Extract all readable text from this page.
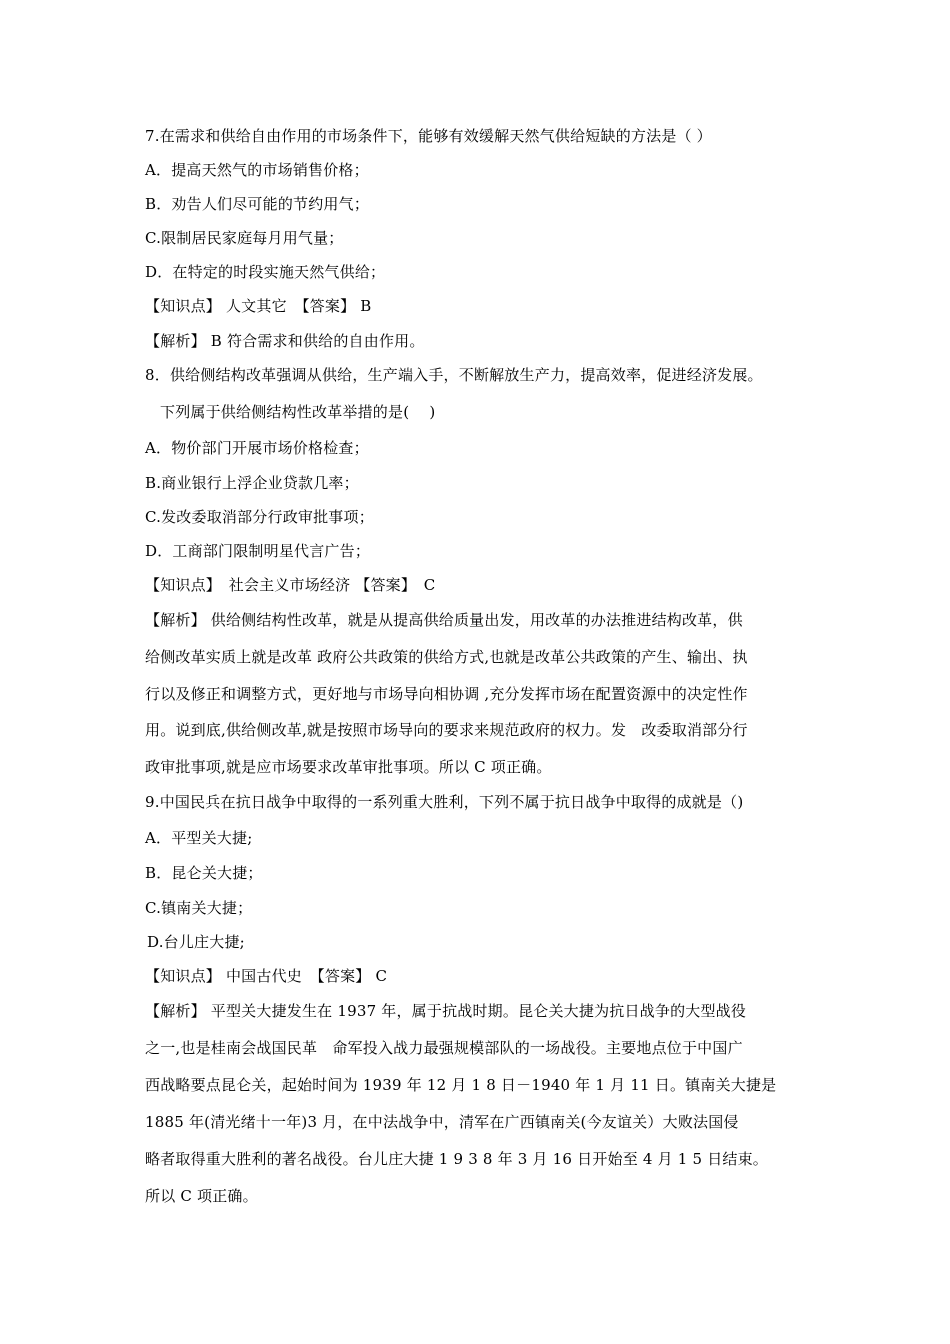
7.在需求和供给自由作用的市场条件下，能够有效缓解天然气供给短缺的方法是（ ）
A．提高天然气的市场销售价格；
B．劝告人们尽可能的节约用气；
C.限制居民家庭每月用气量；
D．在特定的时段实施天然气供给；
【知识点】 人文其它　【答案】 B
【解析】 B 符合需求和供给的自由作用。
8．供给侧结构改革强调从供给，生产端入手，不断解放生产力，提高效率，促进经济发展。
下列属于供给侧结构性改革举措的是(　 )
A．物价部门开展市场价格检查；
B.商业银行上浮企业贷款几率；
C.发改委取消部分行政审批事项；
D．工商部门限制明星代言广告；
【知识点】　社会主义市场经济 【答案】　C
【解析】 供给侧结构性改革，就是从提高供给质量出发，用改革的办法推进结构改革，供
给侧改革实质上就是改革 政府公共政策的供给方式,也就是改革公共政策的产生、输出、执
行以及修正和调整方式，更好地与市场导向相协调 ,充分发挥市场在配置资源中的决定性作
用。说到底,供给侧改革,就是按照市场导向的要求来规范政府的权力。发　改委取消部分行
政审批事项,就是应市场要求改革审批事项。所以 C 项正确。
9.中国民兵在抗日战争中取得的一系列重大胜利，下列不属于抗日战争中取得的成就是（)
A．平型关大捷;
B．昆仑关大捷；
C.镇南关大捷；
D.台儿庄大捷;
【知识点】 中国古代史　【答案】 C
【解析】 平型关大捷发生在 1937 年，属于抗战时期。昆仑关大捷为抗日战争的大型战役
之一,也是桂南会战国民革　命军投入战力最强规模部队的一场战役。主要地点位于中国广
西战略要点昆仑关，起始时间为 1939 年 12 月 1 8 日－1940 年 1 月 11 日。镇南关大捷是
1885 年(清光绪十一年)3 月，在中法战争中，清军在广西镇南关(今友谊关）大败法国侵
略者取得重大胜利的著名战役。台儿庄大捷 1 9 3 8 年 3 月 16 日开始至 4 月 1 5 日结束。
所以 C 项正确。
